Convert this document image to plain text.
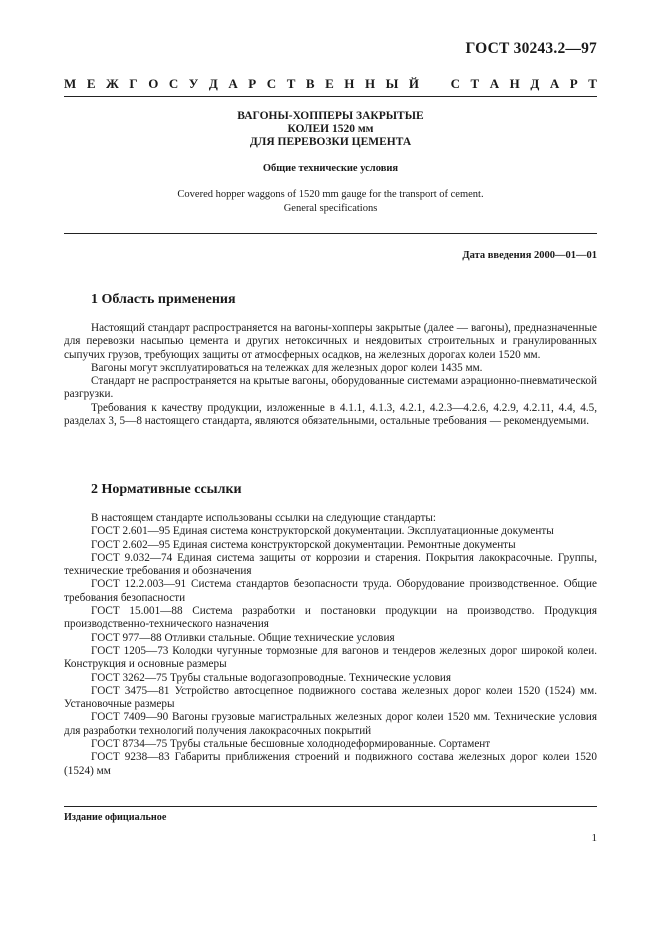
ГОСТ 30243.2—97
М Е Ж Г О С У Д А Р С Т В Е Н Н Ы Й С Т А Н Д А Р Т
ВАГОНЫ-ХОППЕРЫ ЗАКРЫТЫЕ
КОЛЕИ 1520 мм
ДЛЯ ПЕРЕВОЗКИ ЦЕМЕНТА
Общие технические условия
Covered hopper waggons of 1520 mm gauge for the transport of cement.
General specifications
Дата введения 2000—01—01
1 Область применения

Настоящий стандарт распространяется на вагоны-хопперы закрытые (далее — вагоны), предназначенные для перевозки насыпью цемента и других нетоксичных и неядовитых строительных и гранулированных сыпучих грузов, требующих защиты от атмосферных осадков, на железных дорогах колеи 1520 мм.

Вагоны могут эксплуатироваться на тележках для железных дорог колеи 1435 мм.

Стандарт не распространяется на крытые вагоны, оборудованные системами аэрационно-пневматической разгрузки.

Требования к качеству продукции, изложенные в 4.1.1, 4.1.3, 4.2.1, 4.2.3—4.2.6, 4.2.9, 4.2.11, 4.4, 4.5, разделах 3, 5—8 настоящего стандарта, являются обязательными, остальные требования — рекомендуемыми.

2 Нормативные ссылки

В настоящем стандарте использованы ссылки на следующие стандарты:

ГОСТ 2.601—95 Единая система конструкторской документации. Эксплуатационные документы

ГОСТ 2.602—95 Единая система конструкторской документации. Ремонтные документы

ГОСТ 9.032—74 Единая система защиты от коррозии и старения. Покрытия лакокрасочные. Группы, технические требования и обозначения

ГОСТ 12.2.003—91 Система стандартов безопасности труда. Оборудование производственное. Общие требования безопасности

ГОСТ 15.001—88 Система разработки и постановки продукции на производство. Продукция производственно-технического назначения

ГОСТ 977—88 Отливки стальные. Общие технические условия

ГОСТ 1205—73 Колодки чугунные тормозные для вагонов и тендеров железных дорог широкой колеи. Конструкция и основные размеры

ГОСТ 3262—75 Трубы стальные водогазопроводные. Технические условия

ГОСТ 3475—81 Устройство автосцепное подвижного состава железных дорог колеи 1520 (1524) мм. Установочные размеры

ГОСТ 7409—90 Вагоны грузовые магистральных железных дорог колеи 1520 мм. Технические условия для разработки технологий получения лакокрасочных покрытий

ГОСТ 8734—75 Трубы стальные бесшовные холоднодеформированные. Сортамент

ГОСТ 9238—83 Габариты приближения строений и подвижного состава железных дорог колеи 1520 (1524) мм

Издание официальное
1
